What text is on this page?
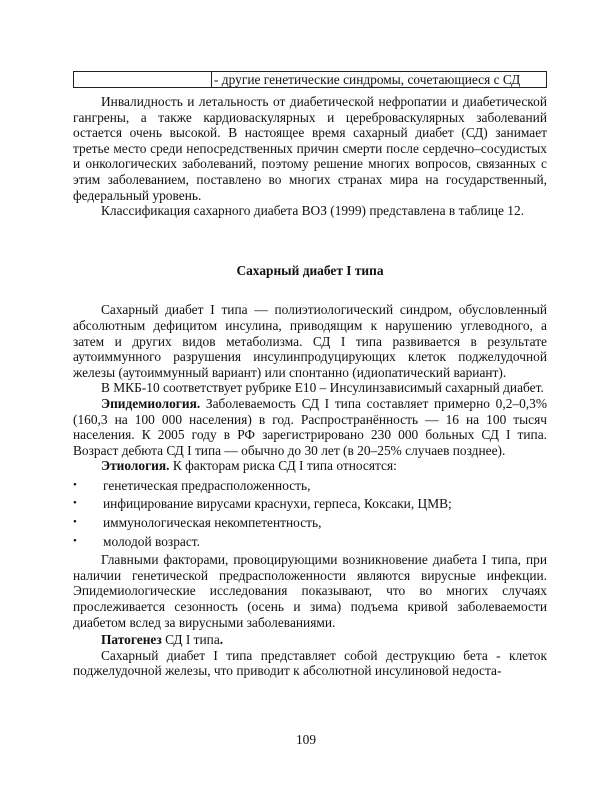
	- другие генетические синдромы, сочетающиеся с СД

Инвалидность и летальность от диабетической нефропатии и диабетической гангрены, а также кардиоваскулярных и цереброваскулярных заболеваний остается очень высокой. В настоящее время сахарный диабет (СД) занимает третье место среди непосредственных причин смерти после сердечно–сосудистых и онкологических заболеваний, поэтому решение многих вопросов, связанных с этим заболеванием, поставлено во многих странах мира на государственный, федеральный уровень.

Классификация сахарного диабета ВОЗ (1999) представлена в таблице 12.

Сахарный диабет I типа

Сахарный диабет I типа — полиэтиологический синдром, обусловленный абсолютным дефицитом инсулина, приводящим к нарушению углеводного, а затем и других видов метаболизма. СД I типа развивается в результате аутоиммунного разрушения инсулинпродуцирующих клеток поджелудочной железы (аутоиммунный вариант) или спонтанно (идиопатический вариант).

В МКБ-10 соответствует рубрике Е10 – Инсулинзависимый сахарный диабет.

Эпидемиология. Заболеваемость СД I типа составляет примерно 0,2–0,3% (160,3 на 100 000 населения) в год. Распространённость — 16 на 100 тысяч населения. К 2005 году в РФ зарегистрировано 230 000 больных СД I типа. Возраст дебюта СД I типа — обычно до 30 лет (в 20–25% случаев позднее).

Этиология. К факторам риска СД I типа относятся:

• генетическая предрасположенность,
• инфицирование вирусами краснухи, герпеса, Коксаки, ЦМВ;
• иммунологическая некомпетентность,
• молодой возраст.

Главными факторами, провоцирующими возникновение диабета I типа, при наличии генетической предрасположенности являются вирусные инфекции. Эпидемиологические исследования показывают, что во многих случаях прослеживается сезонность (осень и зима) подъема кривой заболеваемости диабетом вслед за вирусными заболеваниями.

Патогенез СД I типа.

Сахарный диабет I типа представляет собой деструкцию бета - клеток поджелудочной железы, что приводит к абсолютной инсулиновой недоста-

109
